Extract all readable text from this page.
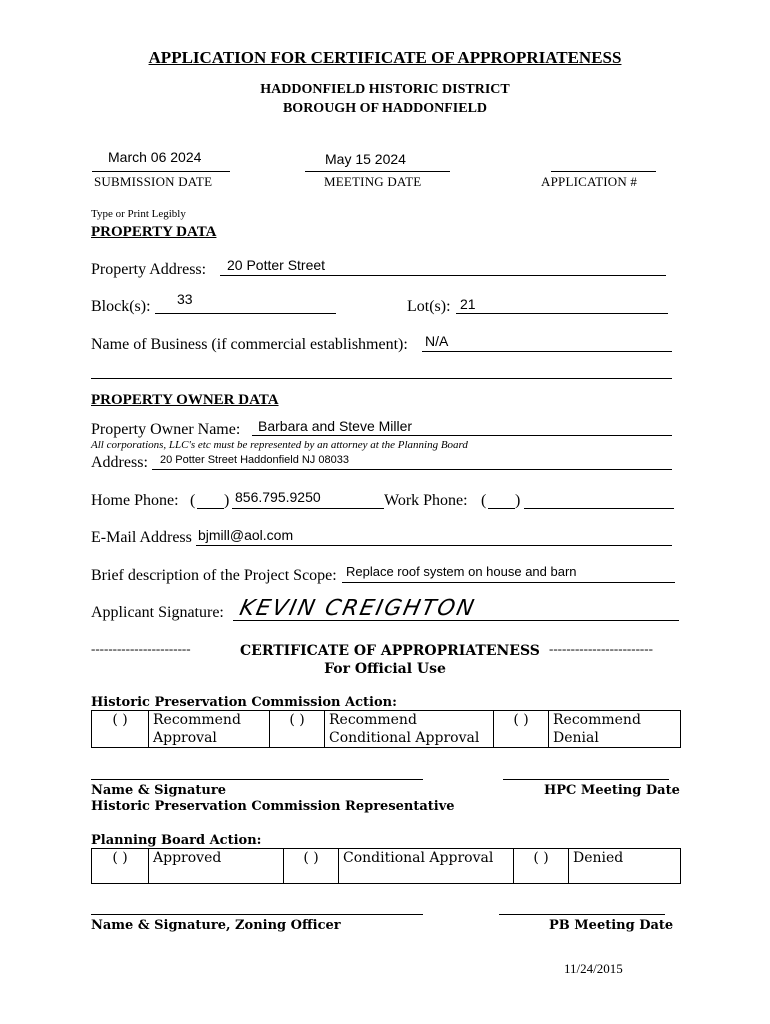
APPLICATION FOR CERTIFICATE OF APPROPRIATENESS
HADDONFIELD HISTORIC DISTRICT
BOROUGH OF HADDONFIELD
March 06 2024
SUBMISSION DATE
May 15 2024
MEETING DATE	APPLICATION #
Type or Print Legibly
PROPERTY DATA
Property Address: 20 Potter Street
Block(s): 33	Lot(s): 21
Name of Business (if commercial establishment): N/A
PROPERTY OWNER DATA
Property Owner Name: Barbara and Steve Miller
All corporations, LLC's etc must be represented by an attorney at the Planning Board
Address: 20 Potter Street Haddonfield NJ 08033
Home Phone: ( ) 856.795.9250	Work Phone: ( )
E-Mail Address bjmill@aol.com
Brief description of the Project Scope: Replace roof system on house and barn
Applicant Signature: KEVIN CREIGHTON
-----------------------	CERTIFICATE OF APPROPRIATENESS ------------------------
For Official Use
Historic Preservation Commission Action:
( )	Recommend
Approval
	( )	Recommend
Conditional Approval
	( )	Recommend
Denial
Name & Signature
Historic Preservation Commission Representative
HPC Meeting Date
Planning Board Action:
( )	Approved	( )	Conditional Approval	( )	Denied
Name & Signature, Zoning Officer	PB Meeting Date
11/24/2015
